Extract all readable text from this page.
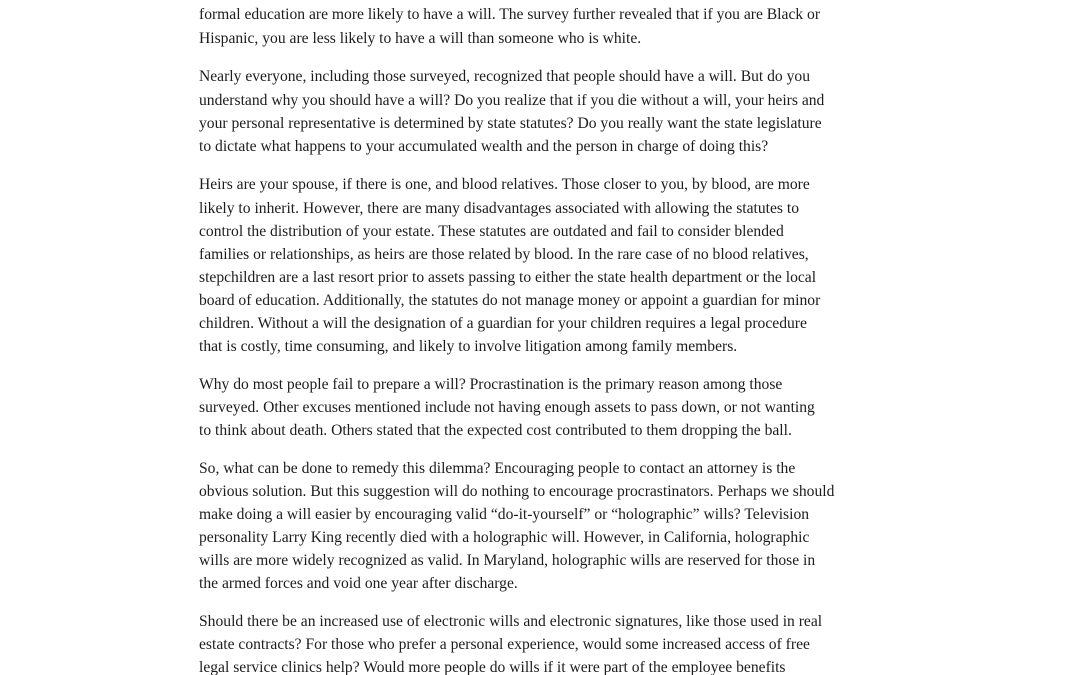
formal education are more likely to have a will. The survey further revealed that if you are Black or

Hispanic, you are less likely to have a will than someone who is white.

Nearly everyone, including those surveyed, recognized that people should have a will. But do you

understand why you should have a will? Do you realize that if you die without a will, your heirs and

your personal representative is determined by state statutes? Do you really want the state legislature

to dictate what happens to your accumulated wealth and the person in charge of doing this?

Heirs are your spouse, if there is one, and blood relatives. Those closer to you, by blood, are more

likely to inherit. However, there are many disadvantages associated with allowing the statutes to

control the distribution of your estate. These statutes are outdated and fail to consider blended

families or relationships, as heirs are those related by blood. In the rare case of no blood relatives,

stepchildren are a last resort prior to assets passing to either the state health department or the local

board of education. Additionally, the statutes do not manage money or appoint a guardian for minor

children. Without a will the designation of a guardian for your children requires a legal procedure

that is costly, time consuming, and likely to involve litigation among family members.

Why do most people fail to prepare a will? Procrastination is the primary reason among those

surveyed. Other excuses mentioned include not having enough assets to pass down, or not wanting

to think about death. Others stated that the expected cost contributed to them dropping the ball.

So, what can be done to remedy this dilemma? Encouraging people to contact an attorney is the

obvious solution. But this suggestion will do nothing to encourage procrastinators. Perhaps we should

make doing a will easier by encouraging valid “do-it-yourself” or “holographic” wills? Television

personality Larry King recently died with a holographic will. However, in California, holographic

wills are more widely recognized as valid. In Maryland, holographic wills are reserved for those in

the armed forces and void one year after discharge.

Should there be an increased use of electronic wills and electronic signatures, like those used in real

estate contracts? For those who prefer a personal experience, would some increased access of free

legal service clinics help? Would more people do wills if it were part of the employee benefits
